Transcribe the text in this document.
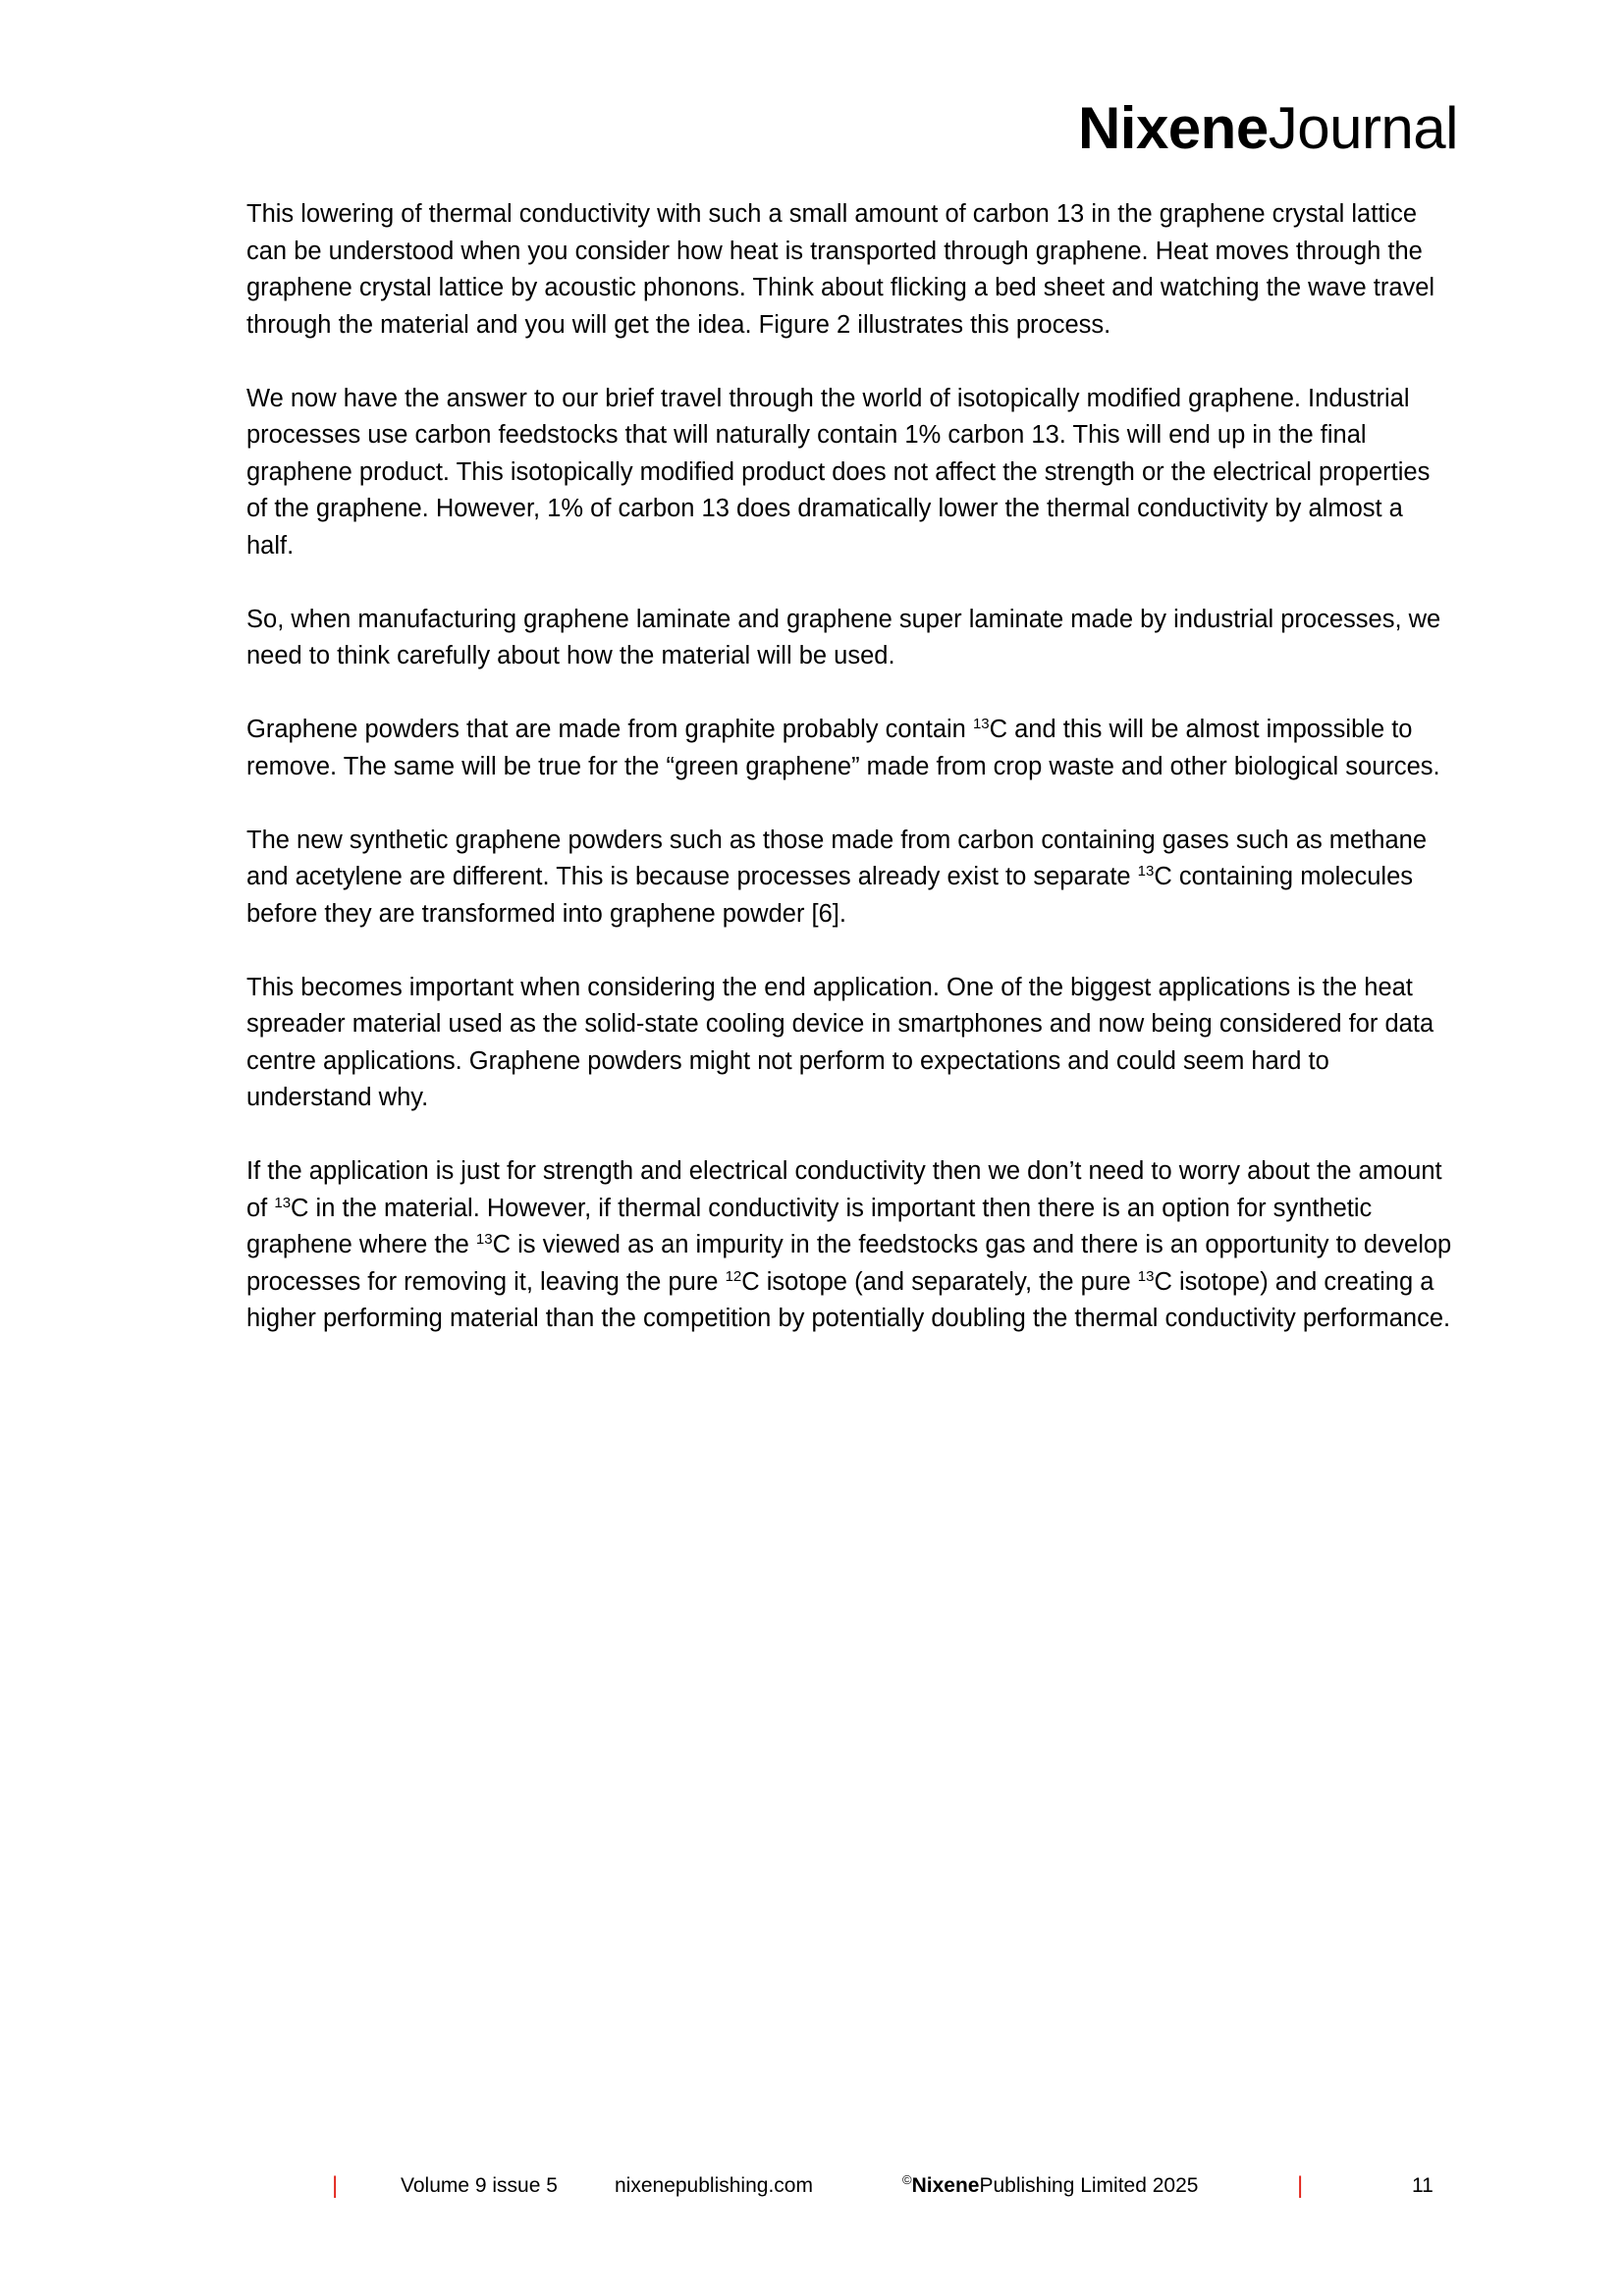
NixeneJournal

This lowering of thermal conductivity with such a small amount of carbon 13 in the graphene crystal lattice can be understood when you consider how heat is transported through graphene. Heat moves through the graphene crystal lattice by acoustic phonons. Think about flicking a bed sheet and watching the wave travel through the material and you will get the idea. Figure 2 illustrates this process.

We now have the answer to our brief travel through the world of isotopically modified graphene. Industrial processes use carbon feedstocks that will naturally contain 1% carbon 13. This will end up in the final graphene product. This isotopically modified product does not affect the strength or the electrical properties of the graphene. However, 1% of carbon 13 does dramatically lower the thermal conductivity by almost a half.

So, when manufacturing graphene laminate and graphene super laminate made by industrial processes, we need to think carefully about how the material will be used.

Graphene powders that are made from graphite probably contain $^{13}$C and this will be almost impossible to remove. The same will be true for the “green graphene” made from crop waste and other biological sources.

The new synthetic graphene powders such as those made from carbon containing gases such as methane and acetylene are different. This is because processes already exist to separate $^{13}$C containing molecules before they are transformed into graphene powder [6].

This becomes important when considering the end application. One of the biggest applications is the heat spreader material used as the solid-state cooling device in smartphones and now being considered for data centre applications. Graphene powders might not perform to expectations and could seem hard to understand why.

If the application is just for strength and electrical conductivity then we don’t need to worry about the amount of $^{13}$C in the material. However, if thermal conductivity is important then there is an option for synthetic graphene where the $^{13}$C is viewed as an impurity in the feedstocks gas and there is an opportunity to develop processes for removing it, leaving the pure $^{12}$C isotope (and separately, the pure $^{13}$C isotope) and creating a higher performing material than the competition by potentially doubling the thermal conductivity performance.

|	Volume 9 issue 5	nixenepublishing.com	©NixenePublishing Limited 2025	|	11
